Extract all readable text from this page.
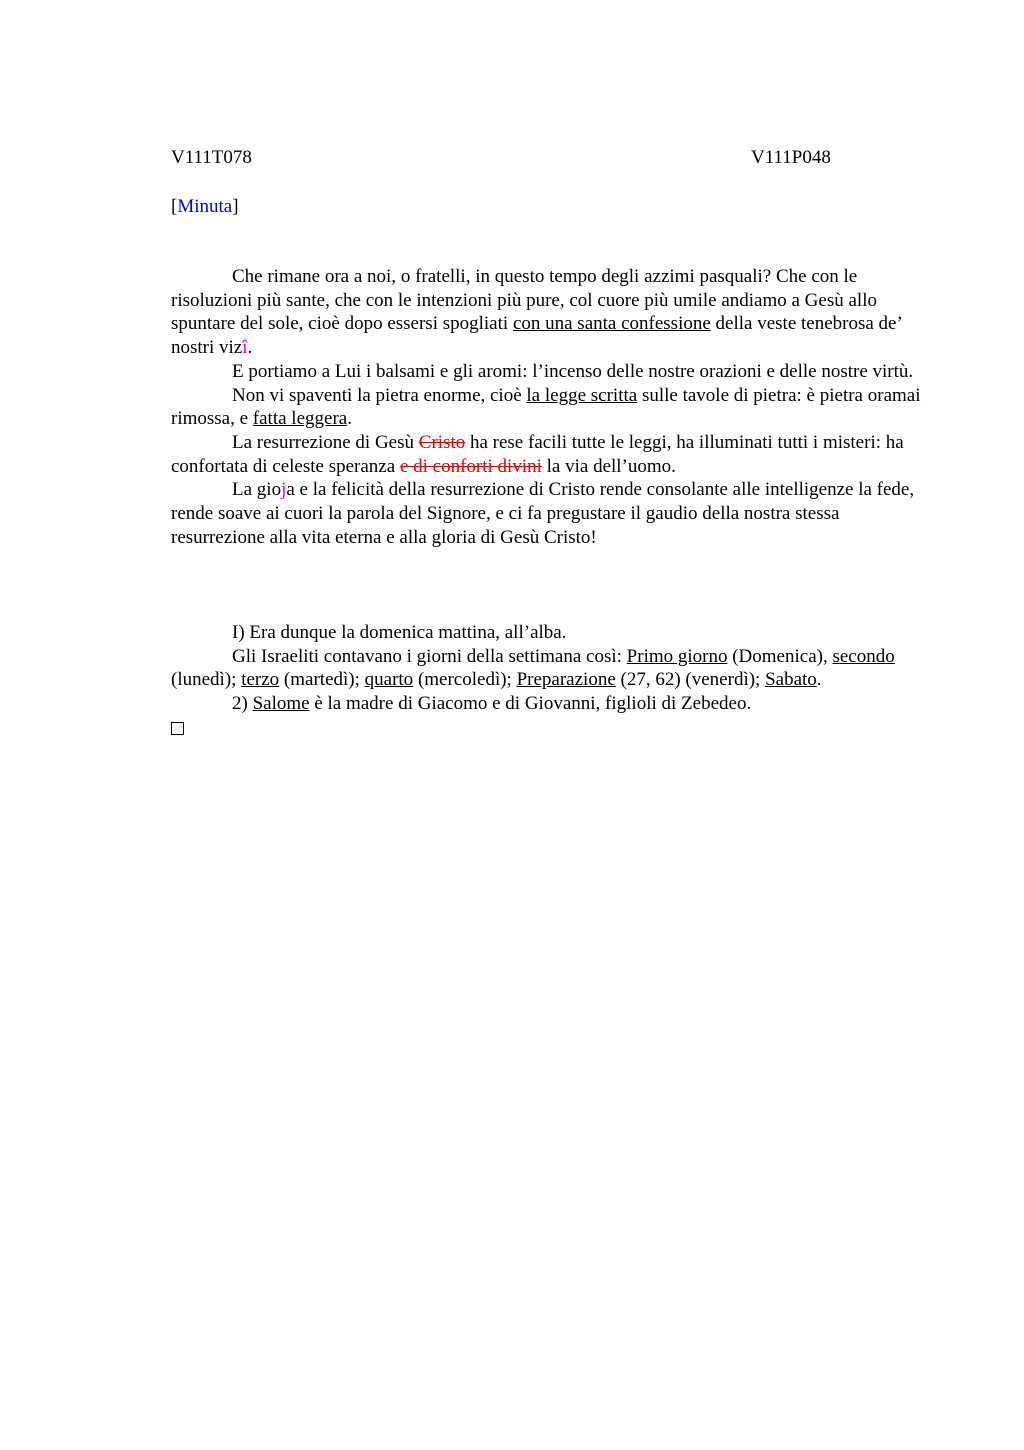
V111T078	V111P048
[Minuta]

Che rimane ora a noi, o fratelli, in questo tempo degli azzimi pasquali? Che con le risoluzioni più sante, che con le intenzioni più pure, col cuore più umile andiamo a Gesù allo spuntare del sole, cioè dopo essersi spogliati con una santa confessione della veste tenebrosa de’ nostri vizî.

E portiamo a Lui i balsami e gli aromi: l’incenso delle nostre orazioni e delle nostre virtù.

Non vi spaventi la pietra enorme, cioè la legge scritta sulle tavole di pietra: è pietra oramai rimossa, e fatta leggera.

La resurrezione di Gesù Cristo ha rese facili tutte le leggi, ha illuminati tutti i misteri: ha confortata di celeste speranza e di conforti divini la via dell’uomo.

La gioja e la felicità della resurrezione di Cristo rende consolante alle intelligenze la fede, rende soave ai cuori la parola del Signore, e ci fa pregustare il gaudio della nostra stessa resurrezione alla vita eterna e alla gloria di Gesù Cristo!

I) Era dunque la domenica mattina, all’alba.

Gli Israeliti contavano i giorni della settimana così: Primo giorno (Domenica), secondo (lunedì); terzo (martedì); quarto (mercoledì); Preparazione (27, 62) (venerdì); Sabato.

2) Salome è la madre di Giacomo e di Giovanni, figlioli di Zebedeo.
